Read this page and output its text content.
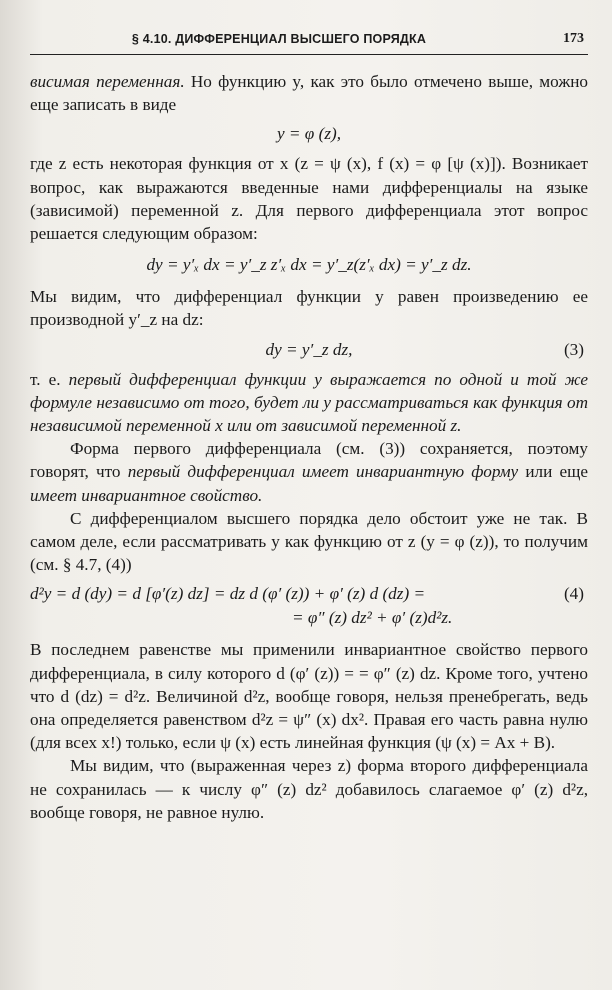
§ 4.10. ДИФФЕРЕНЦИАЛ ВЫСШЕГО ПОРЯДКА	173

висимая переменная. Но функцию y, как это было отмечено выше, можно еще записать в виде

y = φ (z),

где z есть некоторая функция от x (z = ψ (x), f (x) = φ [ψ (x)]). Возникает вопрос, как выражаются введенные нами дифференциалы на языке (зависимой) переменной z. Для первого дифференциала этот вопрос решается следующим образом:

dy = y′ₓ dx = y′_z z′ₓ dx = y′_z(z′ₓ dx) = y′_z dz.

Мы видим, что дифференциал функции y равен произведению ее производной y′_z на dz:

dy = y′_z dz,	(3)

т. е. первый дифференциал функции y выражается по одной и той же формуле независимо от того, будет ли y рассматриваться как функция от независимой переменной x или от зависимой переменной z.

Форма первого дифференциала (см. (3)) сохраняется, поэтому говорят, что первый дифференциал имеет инвариантную форму или еще имеет инвариантное свойство.

С дифференциалом высшего порядка дело обстоит уже не так. В самом деле, если рассматривать y как функцию от z (y = φ (z)), то получим (см. § 4.7, (4))

d²y = d (dy) = d [φ′(z) dz] = dz d (φ′ (z)) + φ′ (z) d (dz) =
= φ″ (z) dz² + φ′ (z)d²z.
(4)

В последнем равенстве мы применили инвариантное свойство первого дифференциала, в силу которого d (φ′ (z)) = = φ″ (z) dz. Кроме того, учтено что d (dz) = d²z. Величиной d²z, вообще говоря, нельзя пренебрегать, ведь она определяется равенством d²z = ψ″ (x) dx². Правая его часть равна нулю (для всех x!) только, если ψ (x) есть линейная функция (ψ (x) = Ax + B).

Мы видим, что (выраженная через z) форма второго дифференциала не сохранилась — к числу φ″ (z) dz² добавилось слагаемое φ′ (z) d²z, вообще говоря, не равное нулю.
